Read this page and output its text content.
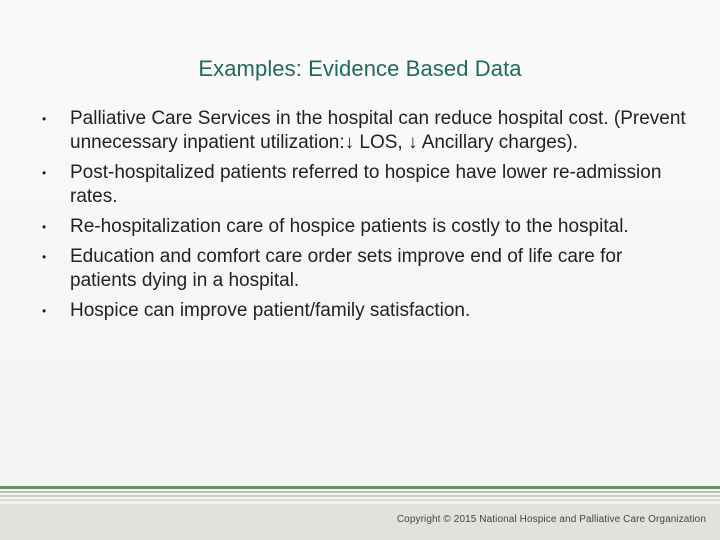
Examples: Evidence Based Data
• Palliative Care Services in the hospital can reduce hospital cost. (Prevent unnecessary inpatient utilization:↓ LOS, ↓ Ancillary charges).
• Post-hospitalized patients referred to hospice have lower re-admission rates.
• Re-hospitalization care of hospice patients is costly to the hospital.
• Education and comfort care order sets improve end of life care for patients dying in a hospital.
• Hospice can improve patient/family satisfaction.
Copyright © 2015 National Hospice and Palliative Care Organization
